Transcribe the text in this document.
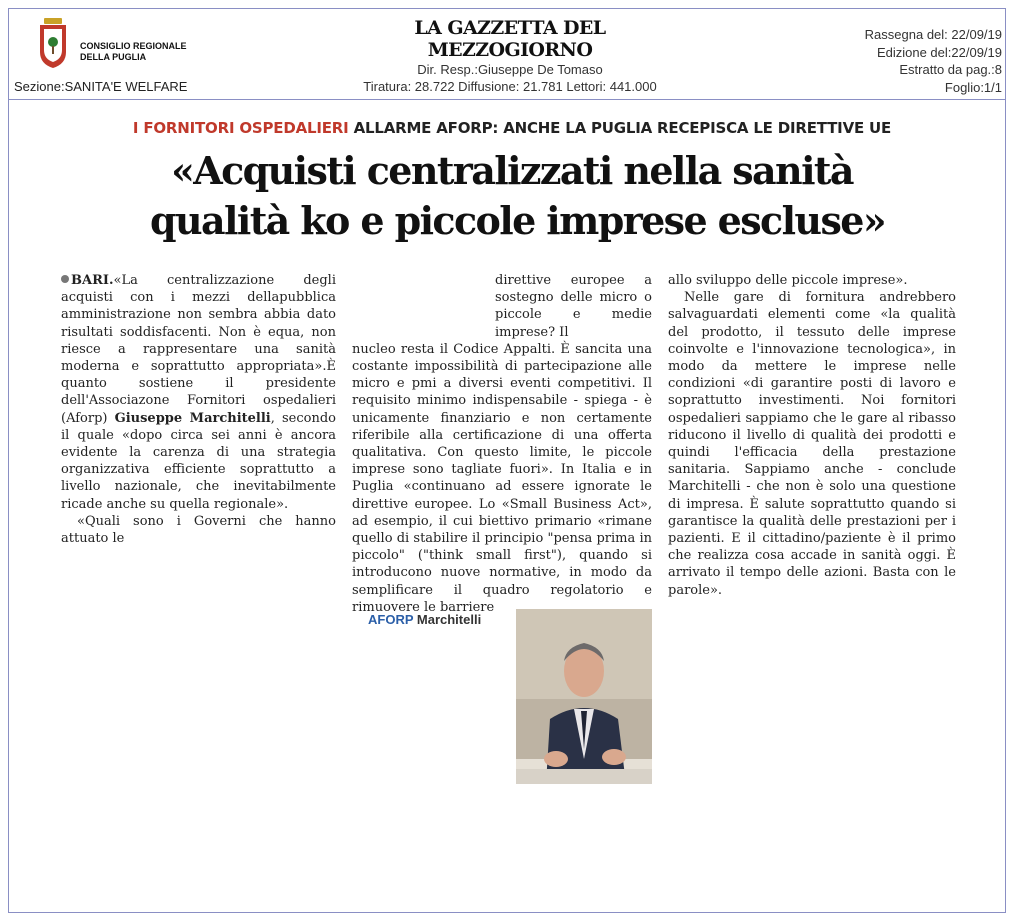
CONSIGLIO REGIONALE
DELLA PUGLIA
Sezione:SANITA'E WELFARE
LA GAZZETTA DEL MEZZOGIORNO
Dir. Resp.:Giuseppe De Tomaso
Tiratura: 28.722 Diffusione: 21.781 Lettori: 441.000
Rassegna del: 22/09/19
Edizione del:22/09/19
Estratto da pag.:8
Foglio:1/1
I FORNITORI OSPEDALIERI ALLARME AFORP: ANCHE LA PUGLIA RECEPISCA LE DIRETTIVE UE
«Acquisti centralizzati nella sanità
qualità ko e piccole imprese escluse»

BARI.«La centralizzazione degli acquisti con i mezzi dellapubblica amministrazione non sembra abbia dato risultati soddisfacenti. Non è equa, non riesce a rappresentare una sanità moderna e soprattutto appropriata».È quanto sostiene il presidente dell'Associazone Fornitori ospedalieri (Aforp) Giuseppe Marchitelli, secondo il quale «dopo circa sei anni è ancora evidente la carenza di una strategia organizzativa efficiente soprattutto a livello nazionale, che inevitabilmente ricade anche su quella regionale».

«Quali sono i Governi che hanno attuato le

direttive europee a sostegno delle micro o piccole e medie imprese? Il

nucleo resta il Codice Appalti. È sancita una costante impossibilità di partecipazione alle micro e pmi a diversi eventi competitivi. Il requisito minimo indispensabile - spiega - è unicamente finanziario e non certamente riferibile alla certificazione di una offerta qualitativa. Con questo limite, le piccole imprese sono tagliate fuori». In Italia e in Puglia «continuano ad essere ignorate le direttive europee. Lo «Small Business Act», ad esempio, il cui biettivo primario «rimane quello di stabilire il principio "pensa prima in piccolo" ("think small first"), quando si introducono nuove normative, in modo da semplificare il quadro regolatorio e rimuovere le barriere

allo sviluppo delle piccole imprese».

Nelle gare di fornitura andrebbero salvaguardati elementi come «la qualità del prodotto, il tessuto delle imprese coinvolte e l'innovazione tecnologica», in modo da mettere le imprese nelle condizioni «di garantire posti di lavoro e soprattutto investimenti. Noi fornitori ospedalieri sappiamo che le gare al ribasso riducono il livello di qualità dei prodotti e quindi l'efficacia della prestazione sanitaria. Sappiamo anche - conclude Marchitelli - che non è solo una questione di impresa. È salute soprattutto quando si garantisce la qualità delle prestazioni per i pazienti. E il cittadino/paziente è il primo che realizza cosa accade in sanità oggi. È arrivato il tempo delle azioni. Basta con le parole».

AFORP Marchitelli
